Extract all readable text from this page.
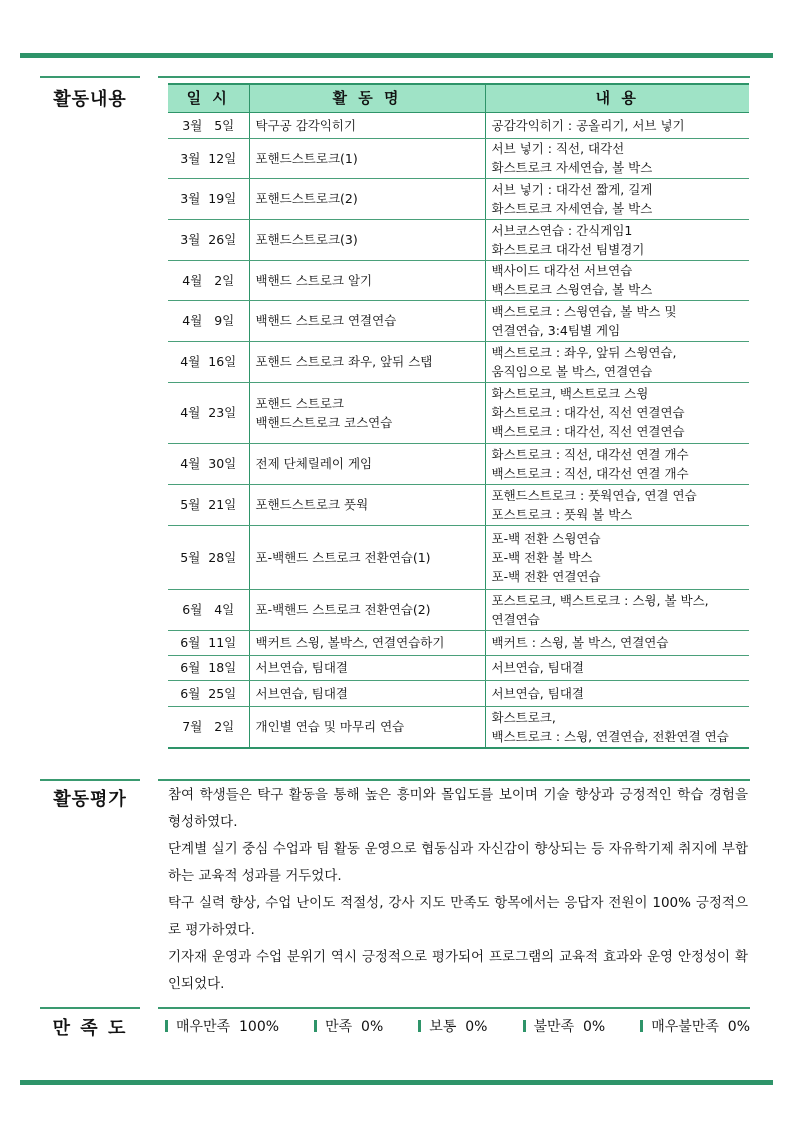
활동내용	일 시	활 동 명	내 용
3월   5일	탁구공 감각익히기	공감각익히기 : 공올리기, 서브 넣기
3월  12일	포핸드스트로크(1)	서브 넣기 : 직선, 대각선
화스트로크 자세연습, 볼 박스
3월  19일	포핸드스트로크(2)	서브 넣기 : 대각선 짧게, 길게
화스트로크 자세연습, 볼 박스
3월  26일	포핸드스트로크(3)	서브코스연습 : 간식게임1
화스트로크 대각선 팀별경기
4월   2일	백핸드 스트로크 알기	백사이드 대각선 서브연습
백스트로크 스윙연습, 볼 박스
4월   9일	백핸드 스트로크 연결연습	백스트로크 : 스윙연습, 볼 박스 및
연결연습, 3:4팀별 게임
4월  16일	포핸드 스트로크 좌우, 앞뒤 스탭	백스트로크 : 좌우, 앞뒤 스윙연습,
움직임으로 볼 박스, 연결연습
4월  23일	포핸드 스트로크
백핸드스트로크 코스연습	화스트로크, 백스트로크 스윙
화스트로크 : 대각선, 직선 연결연습
백스트로크 : 대각선, 직선 연결연습
4월  30일	전제 단체릴레이 게임	화스트로크 : 직선, 대각선 연결 개수
백스트로크 : 직선, 대각선 연결 개수
5월  21일	포핸드스트로크 풋웍	포핸드스트로크 : 풋웍연습, 연결 연습
포스트로크 : 풋웍 볼 박스
5월  28일	포-백핸드 스트로크 전환연습(1)	포-백 전환 스윙연습
포-백 전환 볼 박스
포-백 전환 연결연습
6월   4일	포-백핸드 스트로크 전환연습(2)	포스트로크, 백스트로크 : 스윙, 볼 박스,
연결연습
6월  11일	백커트 스윙, 볼박스, 연결연습하기	백커트 : 스윙, 볼 박스, 연결연습
6월  18일	서브연습, 팀대결	서브연습, 팀대결
6월  25일	서브연습, 팀대결	서브연습, 팀대결
7월   2일	개인별 연습 및 마무리 연습	화스트로크,
백스트로크 : 스윙, 연결연습, 전환연결 연습
활동평가	참여 학생들은 탁구 활동을 통해 높은 흥미와 몰입도를 보이며 기술 향상과 긍정적인 학습 경험을 형성하였다.
단계별 실기 중심 수업과 팀 활동 운영으로 협동심과 자신감이 향상되는 등 자유학기제 취지에 부합하는 교육적 성과를 거두었다.
탁구 실력 향상, 수업 난이도 적절성, 강사 지도 만족도 항목에서는 응답자 전원이 100% 긍정적으로 평가하였다.
기자재 운영과 수업 분위기 역시 긍정적으로 평가되어 프로그램의 교육적 효과와 운영 안정성이 확인되었다.
만 족 도	매우만족 100%	만족 0%	보통 0%	불만족 0%	매우불만족 0%
